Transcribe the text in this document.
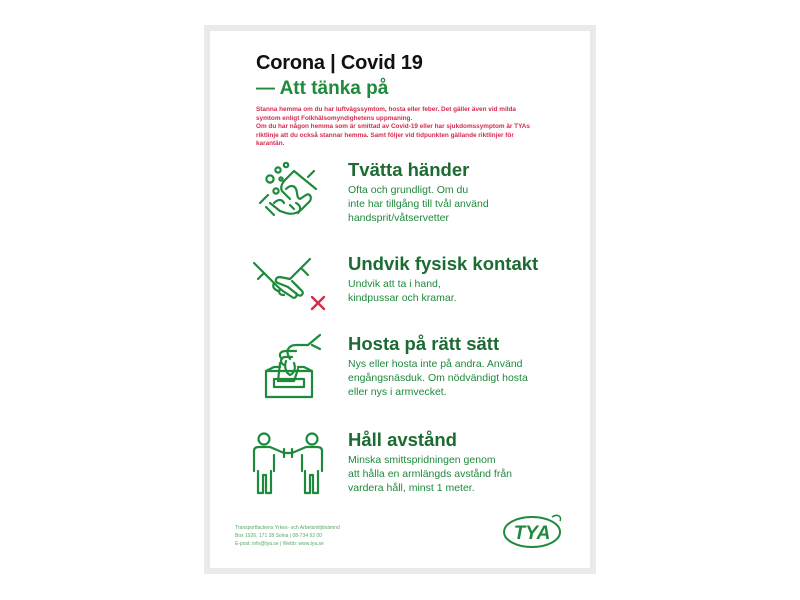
Corona | Covid 19
— Att tänka på
Stanna hemma om du har luftvägssymtom, hosta eller feber. Det gäller även vid milda
symtom enligt Folkhälsomyndighetens uppmaning.
Om du har någon hemma som är smittad av Covid-19 eller har sjukdomssymptom är TYAs
riktlinje att du också stannar hemma. Samt följer vid tidpunkten gällande riktlinjer för
karantän.
Tvätta händer
Ofta och grundligt. Om du
inte har tillgång till tvål använd
handsprit/våtservetter
Undvik fysisk kontakt
Undvik att ta i hand,
kindpussar och kramar.
Hosta på rätt sätt
Nys eller hosta inte på andra. Använd
engångsnäsduk. Om nödvändigt hosta
eller nys i armvecket.
Håll avstånd
Minska smittspridningen genom
att hålla en armlängds avstånd från
vardera håll, minst 1 meter.

Transportfackens Yrkes- och Arbetsmiljönämnd

Box 1926, 171 28 Solna | 08-734 92 00

E-post: info@tya.se | Webb: www.tya.se

TYA
